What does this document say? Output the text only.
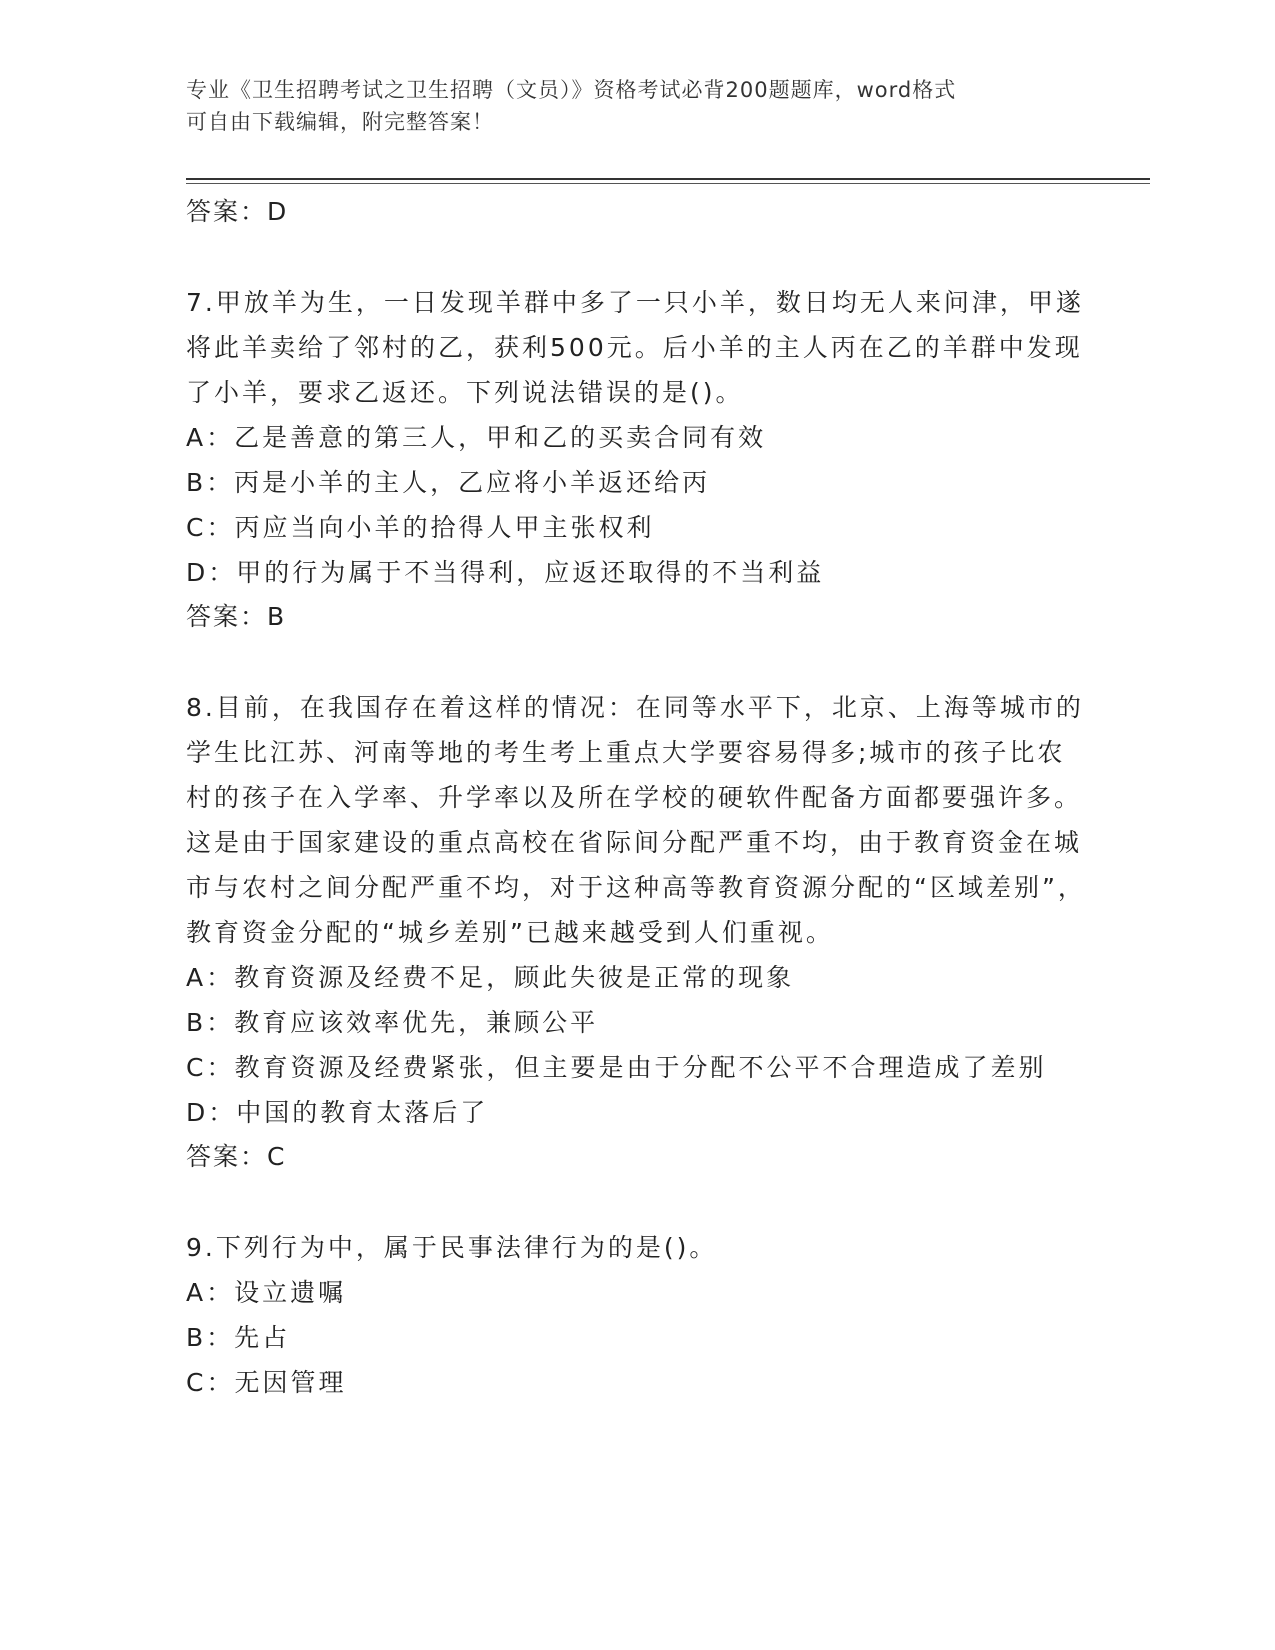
专业《卫生招聘考试之卫生招聘（文员）》资格考试必背200题题库，word格式
可自由下载编辑，附完整答案！

答案：D

7.甲放羊为生，一日发现羊群中多了一只小羊，数日均无人来问津，甲遂将此羊卖给了邻村的乙，获利500元。后小羊的主人丙在乙的羊群中发现了小羊，要求乙返还。下列说法错误的是()。

A：乙是善意的第三人，甲和乙的买卖合同有效

B：丙是小羊的主人，乙应将小羊返还给丙

C：丙应当向小羊的拾得人甲主张权利

D：甲的行为属于不当得利，应返还取得的不当利益

答案：B

8.目前，在我国存在着这样的情况：在同等水平下，北京、上海等城市的学生比江苏、河南等地的考生考上重点大学要容易得多;城市的孩子比农村的孩子在入学率、升学率以及所在学校的硬软件配备方面都要强许多。这是由于国家建设的重点高校在省际间分配严重不均，由于教育资金在城市与农村之间分配严重不均，对于这种高等教育资源分配的“区域差别”，教育资金分配的“城乡差别”已越来越受到人们重视。

A：教育资源及经费不足，顾此失彼是正常的现象

B：教育应该效率优先，兼顾公平

C：教育资源及经费紧张，但主要是由于分配不公平不合理造成了差别

D：中国的教育太落后了

答案：C

9.下列行为中，属于民事法律行为的是()。

A：设立遗嘱

B：先占

C：无因管理
